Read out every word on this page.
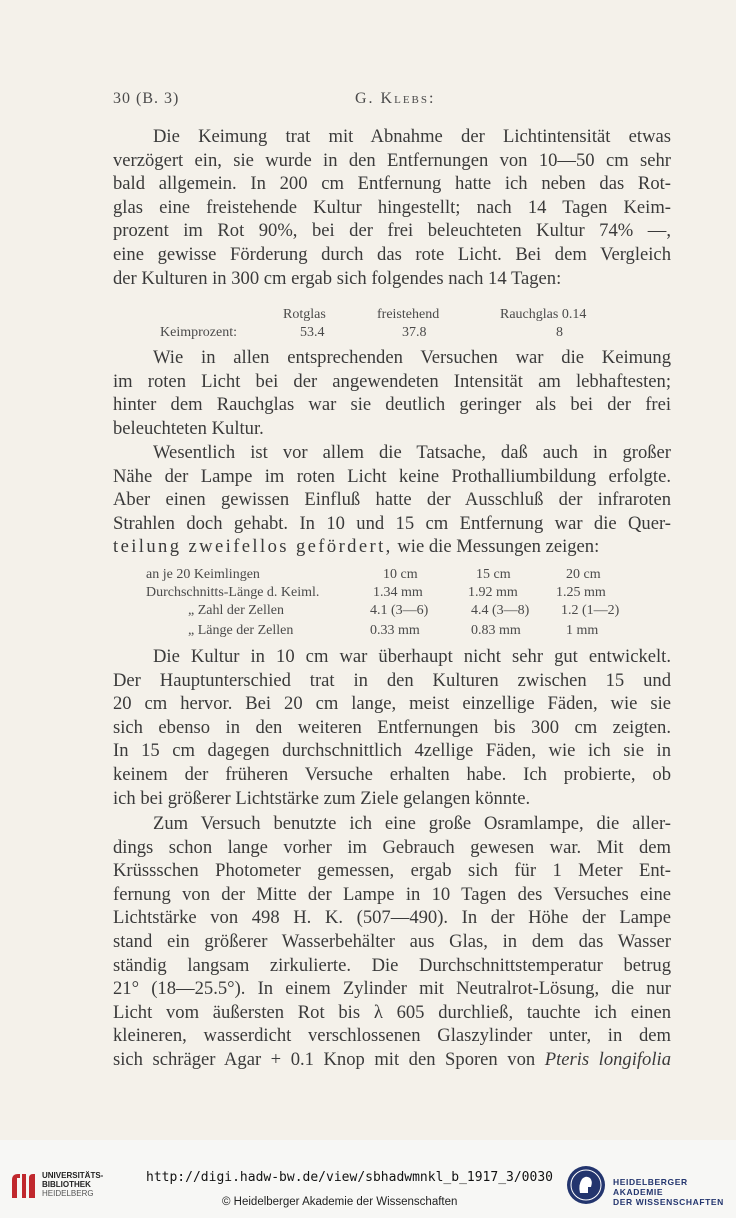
30 (B. 3)	G. Klebs:
Die Keimung trat mit Abnahme der Lichtintensität etwas
verzögert ein, sie wurde in den Entfernungen von 10—50 cm sehr
bald allgemein. In 200 cm Entfernung hatte ich neben das Rot-
glas eine freistehende Kultur hingestellt; nach 14 Tagen Keim-
prozent im Rot 90%, bei der frei beleuchteten Kultur 74% —,
eine gewisse Förderung durch das rote Licht. Bei dem Vergleich
der Kulturen in 300 cm ergab sich folgendes nach 14 Tagen:
Rotglas	freistehend	Rauchglas 0.14
Keimprozent:	53.4	37.8	8
Wie in allen entsprechenden Versuchen war die Keimung
im roten Licht bei der angewendeten Intensität am lebhaftesten;
hinter dem Rauchglas war sie deutlich geringer als bei der frei
beleuchteten Kultur.
Wesentlich ist vor allem die Tatsache, daß auch in großer
Nähe der Lampe im roten Licht keine Prothalliumbildung erfolgte.
Aber einen gewissen Einfluß hatte der Ausschluß der infraroten
Strahlen doch gehabt. In 10 und 15 cm Entfernung war die Quer-
teilung zweifellos gefördert, wie die Messungen zeigen:
an je 20 Keimlingen	10 cm	15 cm	20 cm
Durchschnitts-Länge d. Keiml.	1.34 mm	1.92 mm	1.25 mm
„ Zahl der Zellen	4.1 (3—6)	4.4 (3—8) 1.2 (1—2)
„ Länge der Zellen	0.33 mm	0.83 mm	1 mm
Die Kultur in 10 cm war überhaupt nicht sehr gut entwickelt.
Der Hauptunterschied trat in den Kulturen zwischen 15 und
20 cm hervor. Bei 20 cm lange, meist einzellige Fäden, wie sie
sich ebenso in den weiteren Entfernungen bis 300 cm zeigten.
In 15 cm dagegen durchschnittlich 4zellige Fäden, wie ich sie in
keinem der früheren Versuche erhalten habe. Ich probierte, ob
ich bei größerer Lichtstärke zum Ziele gelangen könnte.
Zum Versuch benutzte ich eine große Osramlampe, die aller-
dings schon lange vorher im Gebrauch gewesen war. Mit dem
Krüssschen Photometer gemessen, ergab sich für 1 Meter Ent-
fernung von der Mitte der Lampe in 10 Tagen des Versuches eine
Lichtstärke von 498 H. K. (507—490). In der Höhe der Lampe
stand ein größerer Wasserbehälter aus Glas, in dem das Wasser
ständig langsam zirkulierte. Die Durchschnittstemperatur betrug
21° (18—25.5°). In einem Zylinder mit Neutralrot-Lösung, die nur
Licht vom äußersten Rot bis λ 605 durchließ, tauchte ich einen
kleineren, wasserdicht verschlossenen Glaszylinder unter, in dem
sich schräger Agar + 0.1 Knop mit den Sporen von Pteris longifolia
UNIVERSITÄTS-
BIBLIOTHEK
HEIDELBERG
http://digi.hadw-bw.de/view/sbhadwmnkl_b_1917_3/0030
© Heidelberger Akademie der Wissenschaften
HEIDELBERGER AKADEMIE
DER WISSENSCHAFTEN
